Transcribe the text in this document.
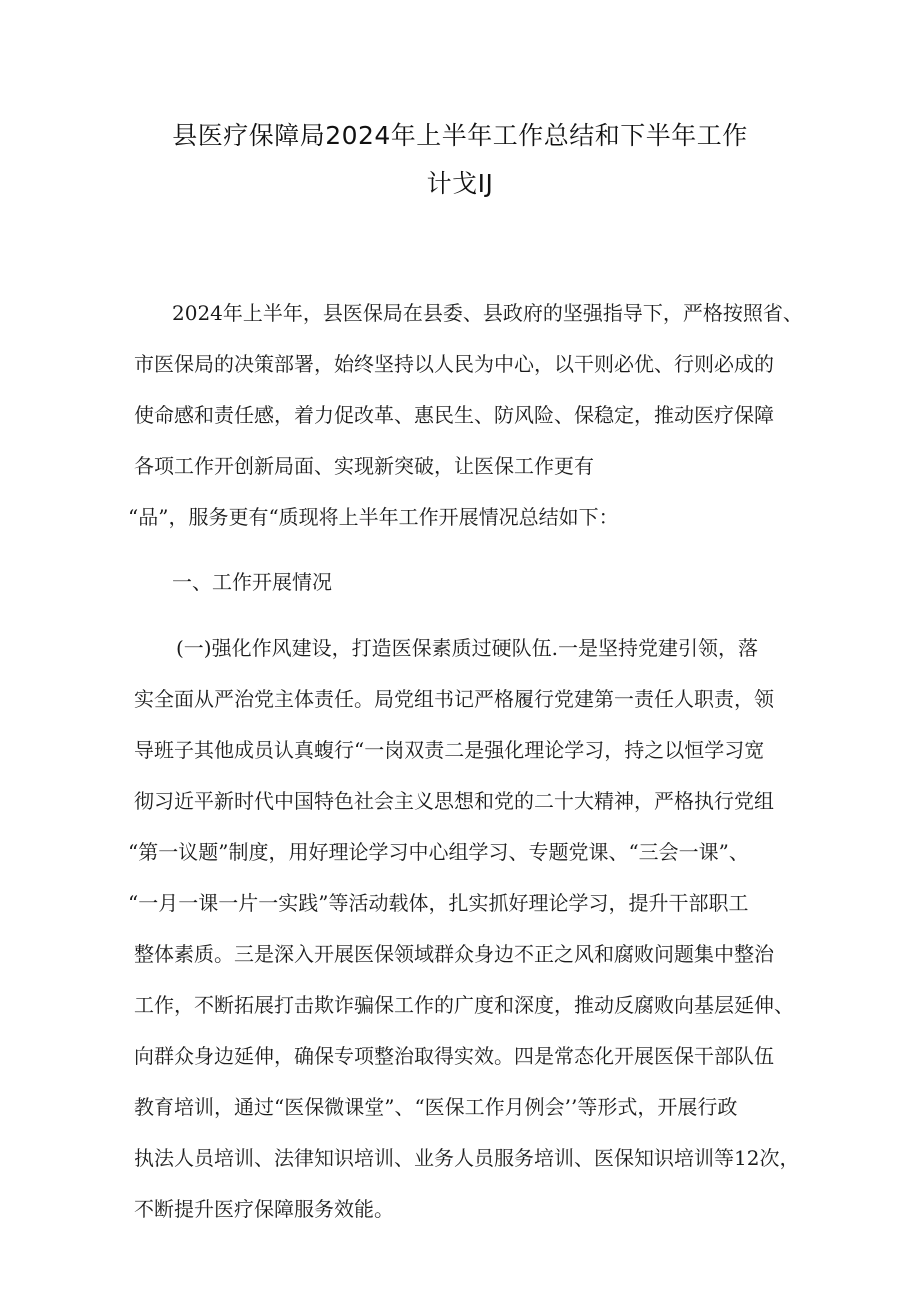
县医疗保障局2024年上半年工作总结和下半年工作
计戈IJ
2024年上半年，县医保局在县委、县政府的坚强指导下，严格按照省、
市医保局的决策部署，始终坚持以人民为中心，以干则必优、行则必成的
使命感和责任感，着力促改革、惠民生、防风险、保稳定，推动医疗保障
各项工作开创新局面、实现新突破，让医保工作更有
“品”，服务更有“质现将上半年工作开展情况总结如下：
一、工作开展情况
(一)强化作风建设，打造医保素质过硬队伍.一是坚持党建引领，落
实全面从严治党主体责任。局党组书记严格履行党建第一责任人职责，领
导班子其他成员认真蝮行“一岗双责二是强化理论学习，持之以恒学习宽
彻习近平新时代中国特色社会主义思想和党的二十大精神，严格执行党组
“第一议题”制度，用好理论学习中心组学习、专题党课、“三会一课”、
“一月一课一片一实践”等活动载体，扎实抓好理论学习，提升干部职工
整体素质。三是深入开展医保领域群众身边不正之风和腐败问题集中整治
工作，不断拓展打击欺诈骗保工作的广度和深度，推动反腐败向基层延伸、
向群众身边延伸，确保专项整治取得实效。四是常态化开展医保干部队伍
教育培训，通过“医保微课堂”、“医保工作月例会’’等形式，开展行政
执法人员培训、法律知识培训、业务人员服务培训、医保知识培训等12次，
不断提升医疗保障服务效能。
